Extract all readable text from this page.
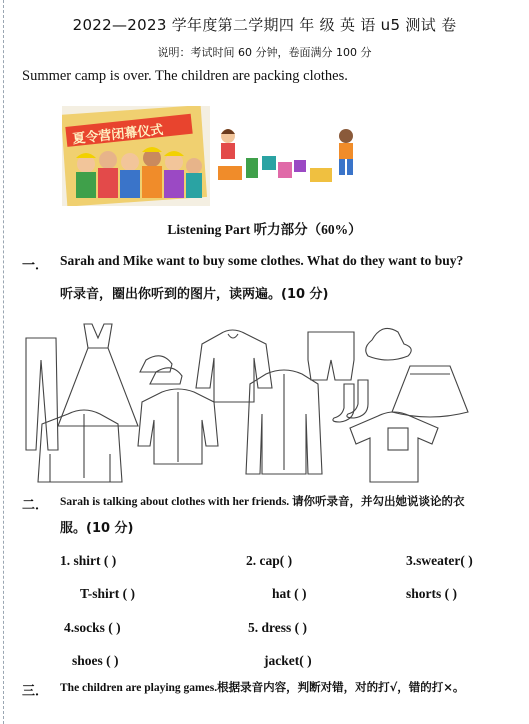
2022—2023 学年度第二学期四 年 级 英 语 u5 测试 卷
说明：考试时间 60 分钟，卷面满分 100 分
Summer camp is over. The children are packing clothes.
夏令营闭幕仪式
Listening Part 听力部分（60%）
一． Sarah and Mike want to buy some clothes. What do they want to buy?
听录音，圈出你听到的图片，读两遍。(10 分)
二． Sarah is talking about clothes with her friends. 请你听录音，并勾出她说谈论的衣
服。(10 分)
1. shirt ( )	2. cap( )	3.sweater( )
T-shirt ( )	hat ( )	shorts ( )
4.socks ( )	5. dress ( )
shoes ( )	jacket( )
三． The children are playing games.根据录音内容，判断对错，对的打√，错的打×。
